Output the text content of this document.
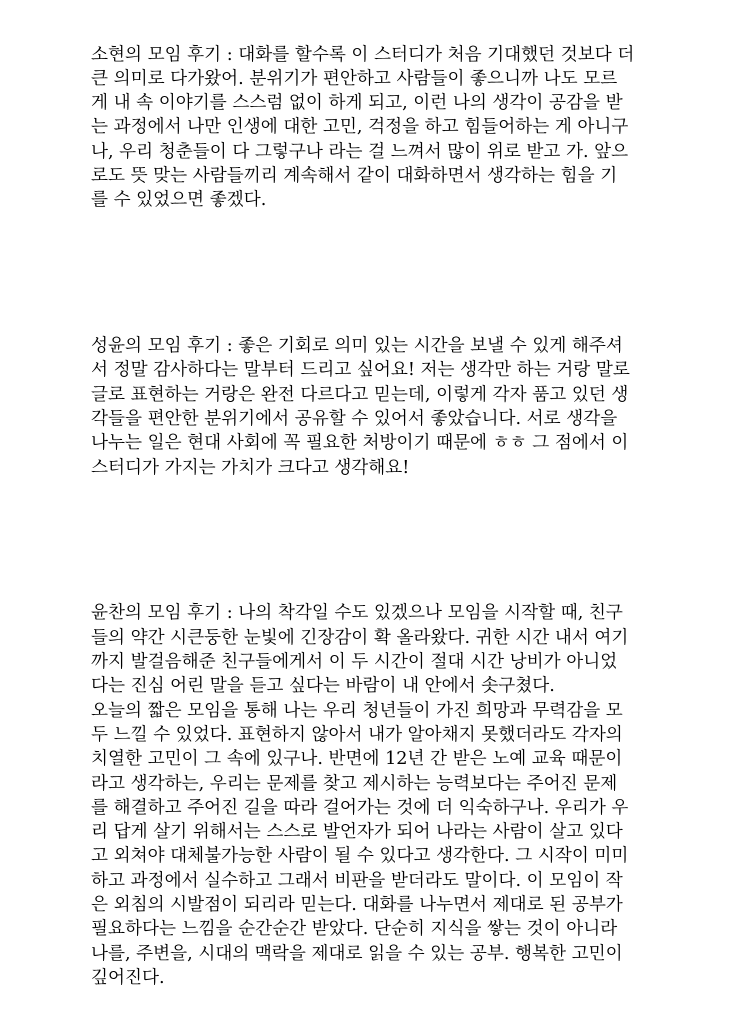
소현의 모임 후기 : 대화를 할수록 이 스터디가 처음 기대했던 것보다 더
큰 의미로 다가왔어. 분위기가 편안하고 사람들이 좋으니까 나도 모르
게 내 속 이야기를 스스럼 없이 하게 되고, 이런 나의 생각이 공감을 받
는 과정에서 나만 인생에 대한 고민, 걱정을 하고 힘들어하는 게 아니구
나, 우리 청춘들이 다 그렇구나 라는 걸 느껴서 많이 위로 받고 가. 앞으
로도 뜻 맞는 사람들끼리 계속해서 같이 대화하면서 생각하는 힘을 기
를 수 있었으면 좋겠다.

성윤의 모임 후기 : 좋은 기회로 의미 있는 시간을 보낼 수 있게 해주셔
서 정말 감사하다는 말부터 드리고 싶어요! 저는 생각만 하는 거랑 말로
글로 표현하는 거랑은 완전 다르다고 믿는데, 이렇게 각자 품고 있던 생
각들을 편안한 분위기에서 공유할 수 있어서 좋았습니다. 서로 생각을
나누는 일은 현대 사회에 꼭 필요한 처방이기 때문에 ㅎㅎ 그 점에서 이
스터디가 가지는 가치가 크다고 생각해요!

윤찬의 모임 후기 : 나의 착각일 수도 있겠으나 모임을 시작할 때, 친구
들의 약간 시큰둥한 눈빛에 긴장감이 확 올라왔다. 귀한 시간 내서 여기
까지 발걸음해준 친구들에게서 이 두 시간이 절대 시간 낭비가 아니었
다는 진심 어린 말을 듣고 싶다는 바람이 내 안에서 솟구쳤다.
오늘의 짧은 모임을 통해 나는 우리 청년들이 가진 희망과 무력감을 모
두 느낄 수 있었다. 표현하지 않아서 내가 알아채지 못했더라도 각자의
치열한 고민이 그 속에 있구나. 반면에 12년 간 받은 노예 교육 때문이
라고 생각하는, 우리는 문제를 찾고 제시하는 능력보다는 주어진 문제
를 해결하고 주어진 길을 따라 걸어가는 것에 더 익숙하구나. 우리가 우
리 답게 살기 위해서는 스스로 발언자가 되어 나라는 사람이 살고 있다
고 외쳐야 대체불가능한 사람이 될 수 있다고 생각한다. 그 시작이 미미
하고 과정에서 실수하고 그래서 비판을 받더라도 말이다. 이 모임이 작
은 외침의 시발점이 되리라 믿는다. 대화를 나누면서 제대로 된 공부가
필요하다는 느낌을 순간순간 받았다. 단순히 지식을 쌓는 것이 아니라
나를, 주변을, 시대의 맥락을 제대로 읽을 수 있는 공부. 행복한 고민이
깊어진다.
